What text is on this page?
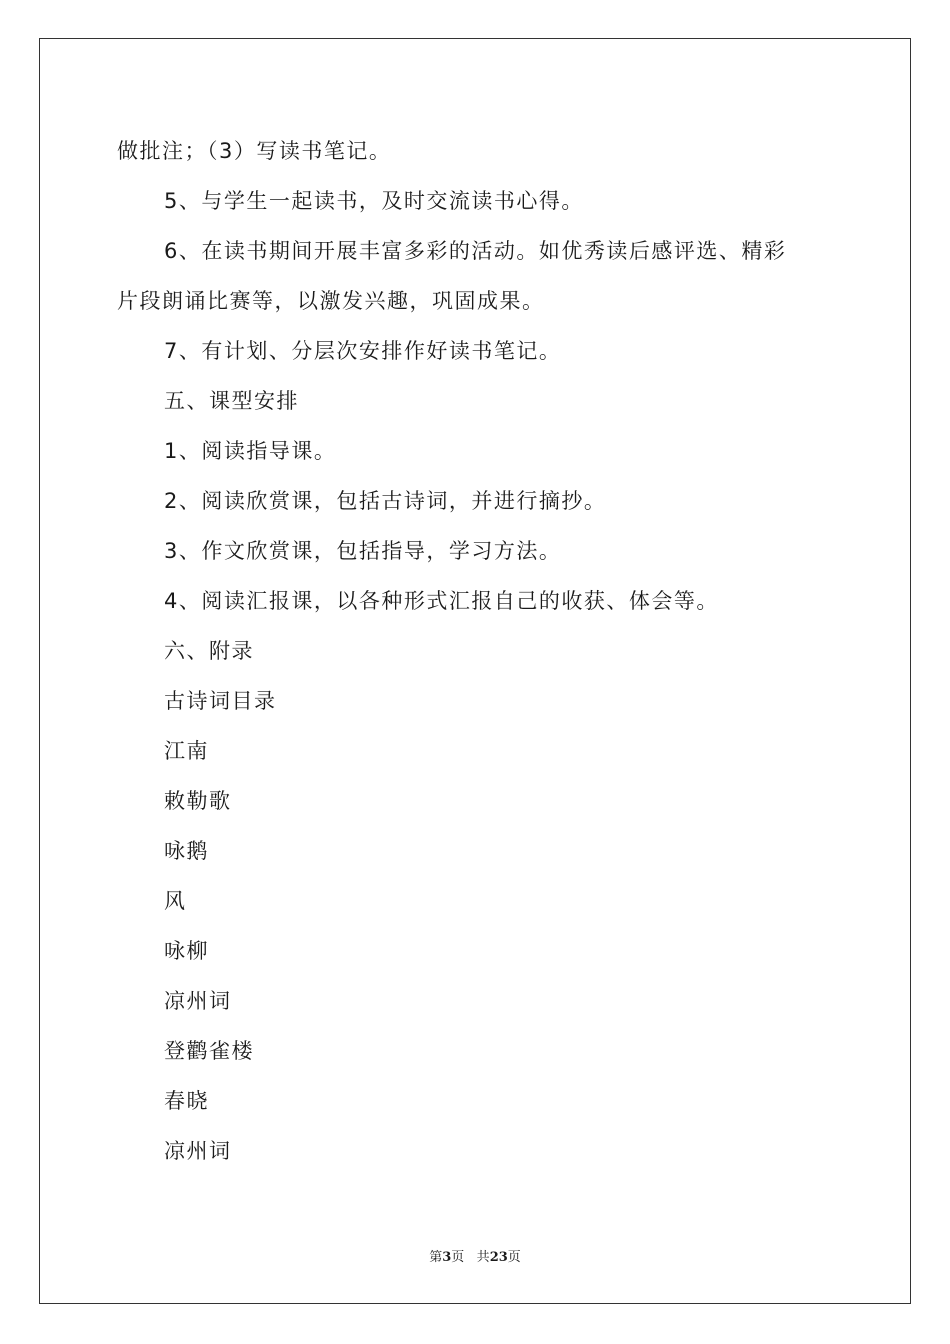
做批注；（3）写读书笔记。
5、与学生一起读书，及时交流读书心得。
6、在读书期间开展丰富多彩的活动。如优秀读后感评选、精彩
片段朗诵比赛等，以激发兴趣，巩固成果。
7、有计划、分层次安排作好读书笔记。
五、课型安排
1、阅读指导课。
2、阅读欣赏课，包括古诗词，并进行摘抄。
3、作文欣赏课，包括指导，学习方法。
4、阅读汇报课，以各种形式汇报自己的收获、体会等。
六、附录
古诗词目录
江南
敕勒歌
咏鹅
风
咏柳
凉州词
登鹳雀楼
春晓
凉州词
第3页 共23页
